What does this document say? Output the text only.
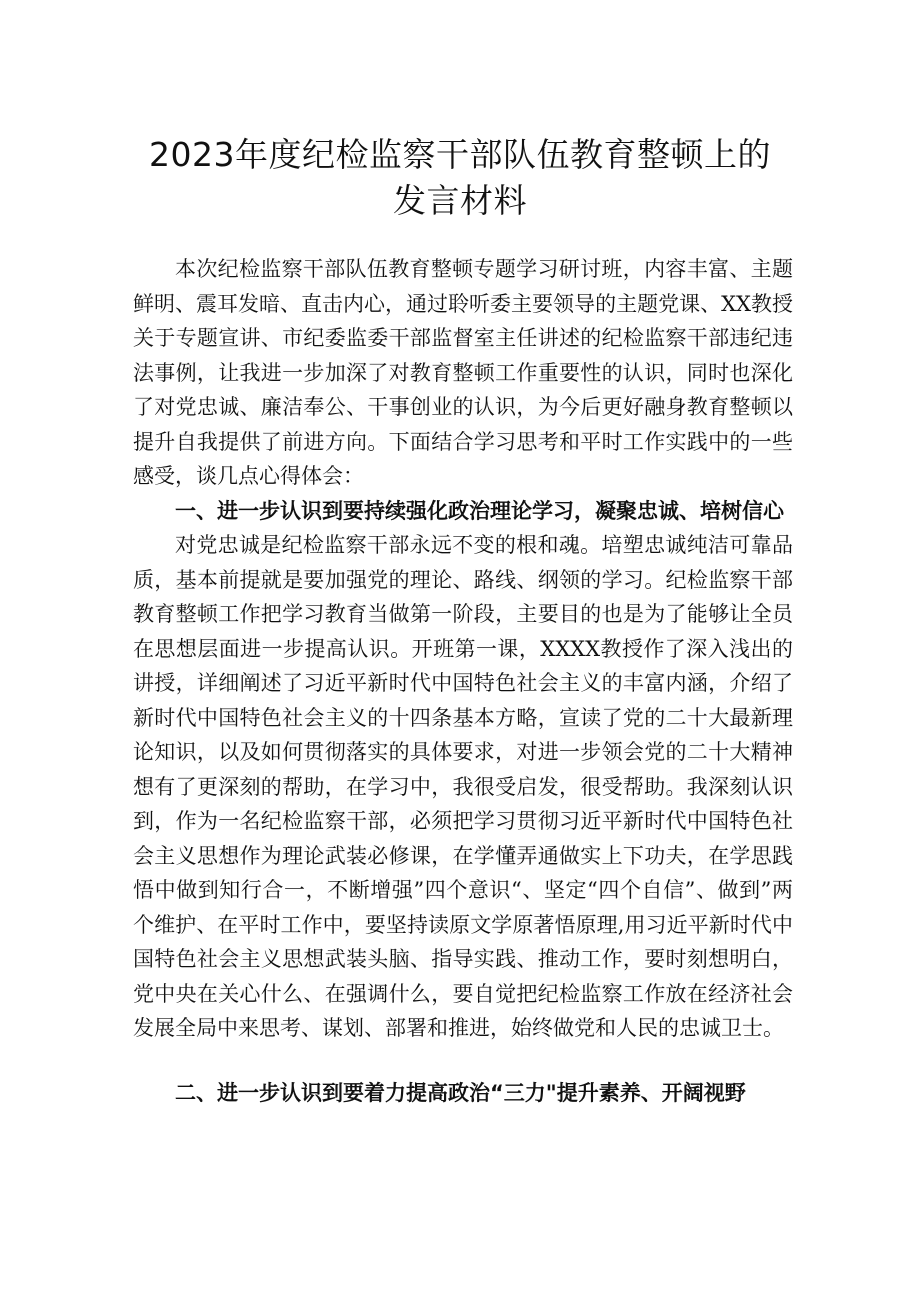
2023年度纪检监察干部队伍教育整顿上的
发言材料

本次纪检监察干部队伍教育整顿专题学习研讨班，内容丰富、主题鲜明、震耳发暗、直击内心，通过聆听委主要领导的主题党课、XX教授关于专题宣讲、市纪委监委干部监督室主任讲述的纪检监察干部违纪违法事例，让我进一步加深了对教育整顿工作重要性的认识，同时也深化了对党忠诚、廉洁奉公、干事创业的认识，为今后更好融身教育整顿以提升自我提供了前进方向。下面结合学习思考和平时工作实践中的一些感受，谈几点心得体会：

一、进一步认识到要持续强化政治理论学习，凝聚忠诚、培树信心

对党忠诚是纪检监察干部永远不变的根和魂。培塑忠诚纯洁可靠品质，基本前提就是要加强党的理论、路线、纲领的学习。纪检监察干部教育整顿工作把学习教育当做第一阶段，主要目的也是为了能够让全员在思想层面进一步提高认识。开班第一课，XXXX教授作了深入浅出的讲授，详细阐述了习近平新时代中国特色社会主义的丰富内涵，介绍了新时代中国特色社会主义的十四条基本方略，宣读了党的二十大最新理论知识，以及如何贯彻落实的具体要求，对进一步领会党的二十大精神想有了更深刻的帮助，在学习中，我很受启发，很受帮助。我深刻认识到，作为一名纪检监察干部，必须把学习贯彻习近平新时代中国特色社会主义思想作为理论武装必修课，在学懂弄通做实上下功夫，在学思践悟中做到知行合一，不断增强”四个意识“、坚定“四个自信”、做到”两个维护、在平时工作中，要坚持读原文学原著悟原理,用习近平新时代中国特色社会主义思想武装头脑、指导实践、推动工作，要时刻想明白，党中央在关心什么、在强调什么，要自觉把纪检监察工作放在经济社会发展全局中来思考、谋划、部署和推进，始终做党和人民的忠诚卫士。

二、进一步认识到要着力提高政治“三力"提升素养、开阔视野
